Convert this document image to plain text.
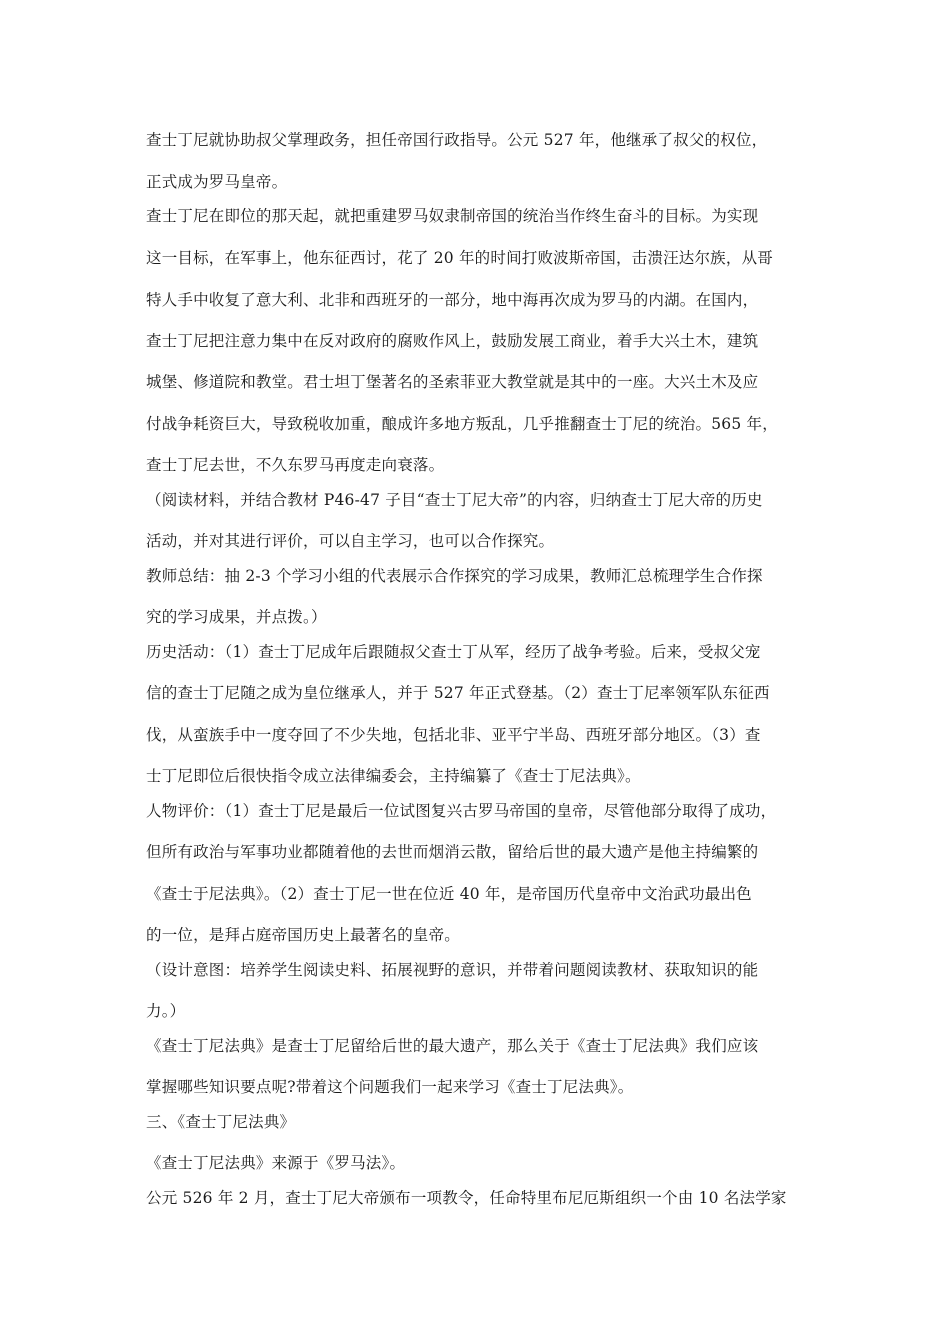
查士丁尼就协助叔父掌理政务，担任帝国行政指导。公元 527 年，他继承了叔父的权位，
正式成为罗马皇帝。
查士丁尼在即位的那天起，就把重建罗马奴隶制帝国的统治当作终生奋斗的目标。为实现
这一目标，在军事上，他东征西讨，花了 20 年的时间打败波斯帝国，击溃汪达尔族，从哥
特人手中收复了意大利、北非和西班牙的一部分，地中海再次成为罗马的内湖。在国内，
查士丁尼把注意力集中在反对政府的腐败作风上，鼓励发展工商业，着手大兴土木，建筑
城堡、修道院和教堂。君士坦丁堡著名的圣索菲亚大教堂就是其中的一座。大兴土木及应
付战争耗资巨大，导致税收加重，酿成许多地方叛乱，几乎推翻查士丁尼的统治。565 年，
查士丁尼去世，不久东罗马再度走向衰落。
（阅读材料，并结合教材 P46-47 子目“查士丁尼大帝”的内容，归纳查士丁尼大帝的历史
活动，并对其进行评价，可以自主学习，也可以合作探究。
教师总结：抽 2-3 个学习小组的代表展示合作探究的学习成果，教师汇总梳理学生合作探
究的学习成果，并点拨。）
历史活动：（1）查士丁尼成年后跟随叔父查士丁从军，经历了战争考验。后来，受叔父宠
信的查士丁尼随之成为皇位继承人，并于 527 年正式登基。（2）查士丁尼率领军队东征西
伐，从蛮族手中一度夺回了不少失地，包括北非、亚平宁半岛、西班牙部分地区。（3）查
士丁尼即位后很快指令成立法律编委会，主持编纂了《查士丁尼法典》。
人物评价：（1）查士丁尼是最后一位试图复兴古罗马帝国的皇帝，尽管他部分取得了成功，
但所有政治与军事功业都随着他的去世而烟消云散，留给后世的最大遗产是他主持编繁的
《查士于尼法典》。（2）查士丁尼一世在位近 40 年，是帝国历代皇帝中文治武功最出色
的一位，是拜占庭帝国历史上最著名的皇帝。
（设计意图：培养学生阅读史料、拓展视野的意识，并带着问题阅读教材、获取知识的能
力。）
《查士丁尼法典》是查士丁尼留给后世的最大遗产，那么关于《查士丁尼法典》我们应该
掌握哪些知识要点呢?带着这个问题我们一起来学习《查士丁尼法典》。
三、《查士丁尼法典》
《查士丁尼法典》来源于《罗马法》。
公元 526 年 2 月，查士丁尼大帝颁布一项教令，任命特里布尼厄斯组织一个由 10 名法学家
